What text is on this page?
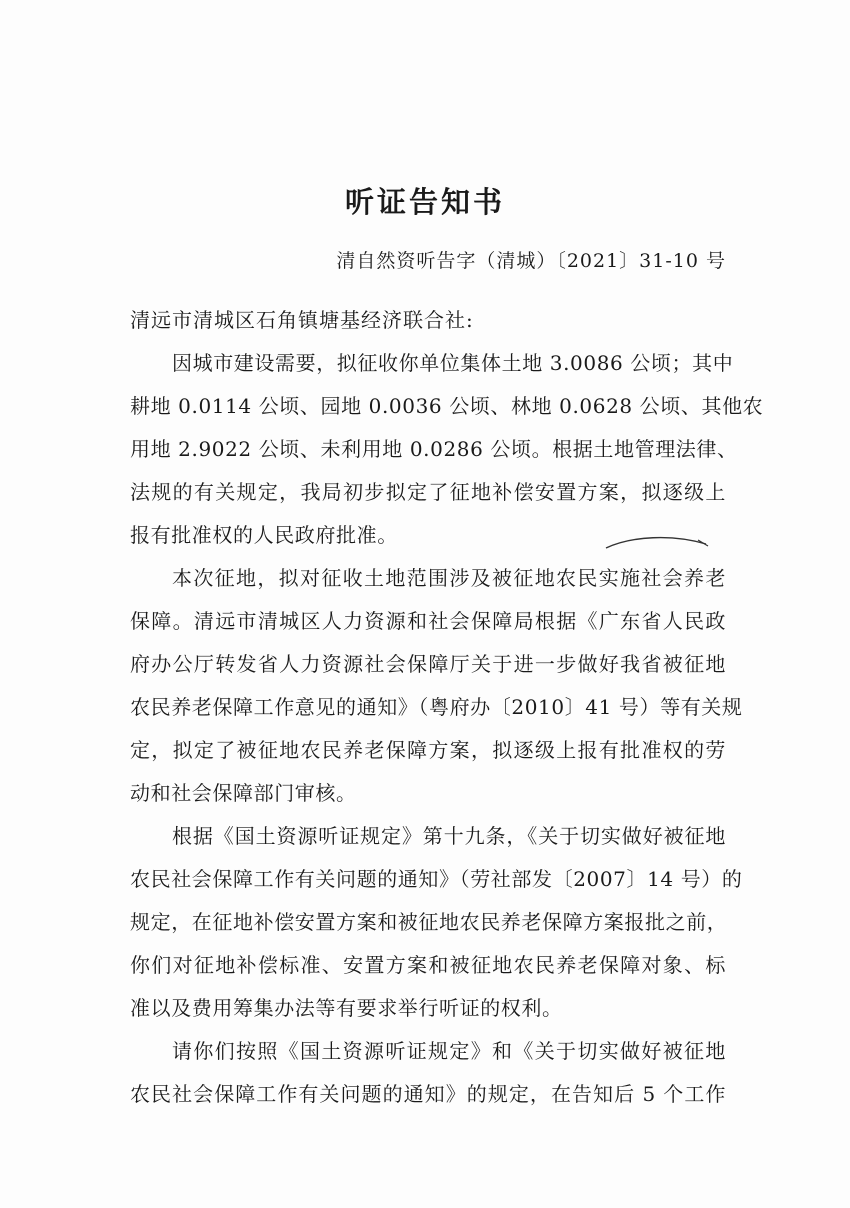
听证告知书
清自然资听告字（清城）〔2021〕31-10 号
清远市清城区石角镇塘基经济联合社:
因城市建设需要，拟征收你单位集体土地 3.0086 公顷；其中
耕地 0.0114 公顷、园地 0.0036 公顷、林地 0.0628 公顷、其他农
用地 2.9022 公顷、未利用地 0.0286 公顷。根据土地管理法律、
法规的有关规定，我局初步拟定了征地补偿安置方案，拟逐级上
报有批准权的人民政府批准。
本次征地，拟对征收土地范围涉及被征地农民实施社会养老
保障。清远市清城区人力资源和社会保障局根据《广东省人民政
府办公厅转发省人力资源社会保障厅关于进一步做好我省被征地
农民养老保障工作意见的通知》（粤府办〔2010〕41 号）等有关规
定，拟定了被征地农民养老保障方案，拟逐级上报有批准权的劳
动和社会保障部门审核。
根据《国土资源听证规定》第十九条，《关于切实做好被征地
农民社会保障工作有关问题的通知》（劳社部发〔2007〕14 号）的
规定，在征地补偿安置方案和被征地农民养老保障方案报批之前，
你们对征地补偿标准、安置方案和被征地农民养老保障对象、标
准以及费用筹集办法等有要求举行听证的权利。
请你们按照《国土资源听证规定》和《关于切实做好被征地
农民社会保障工作有关问题的通知》的规定，在告知后 5 个工作
